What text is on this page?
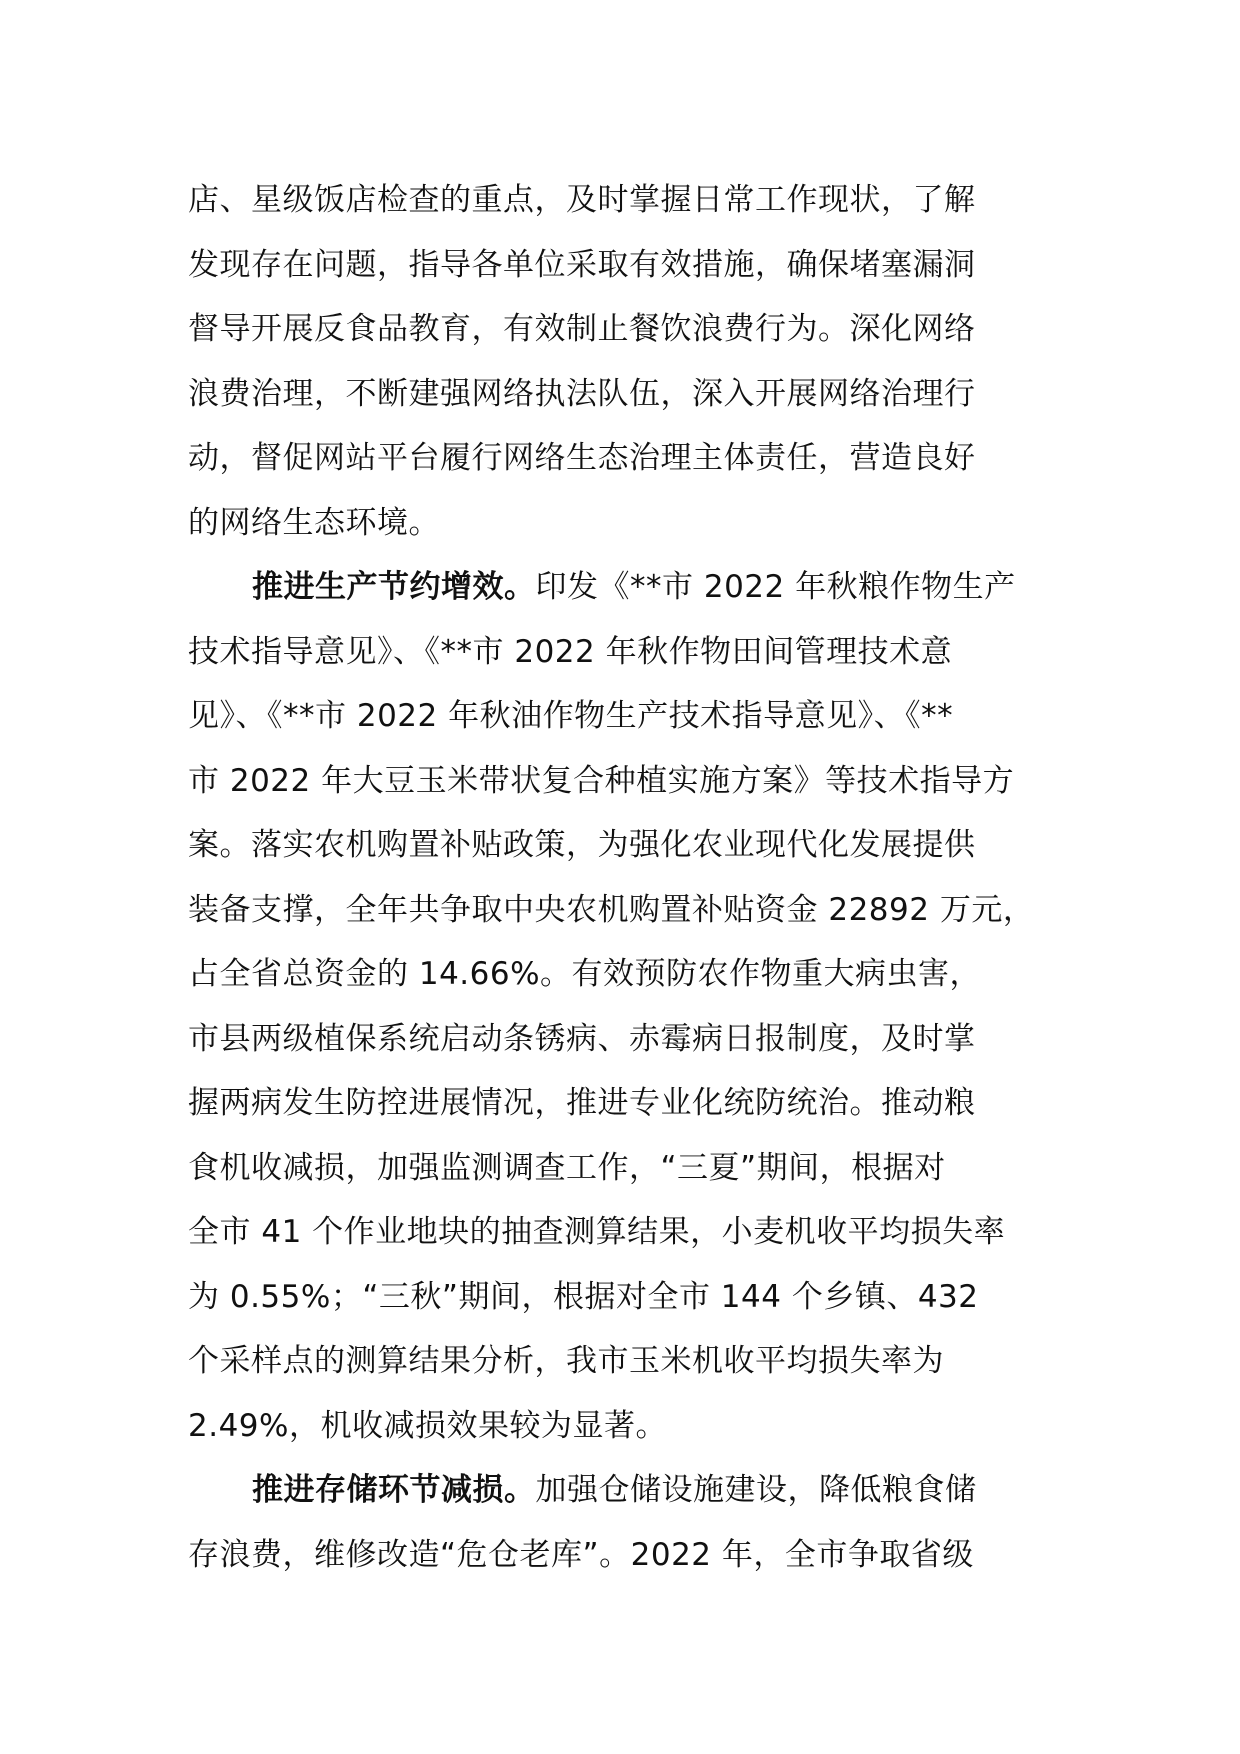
店、星级饭店检查的重点，及时掌握日常工作现状，了解
发现存在问题，指导各单位采取有效措施，确保堵塞漏洞
督导开展反食品教育，有效制止餐饮浪费行为。深化网络
浪费治理，不断建强网络执法队伍，深入开展网络治理行
动，督促网站平台履行网络生态治理主体责任，营造良好
的网络生态环境。
推进生产节约增效。印发《**市 2022 年秋粮作物生产
技术指导意见》、《**市 2022 年秋作物田间管理技术意
见》、《**市 2022 年秋油作物生产技术指导意见》、《**
市 2022 年大豆玉米带状复合种植实施方案》等技术指导方
案。落实农机购置补贴政策，为强化农业现代化发展提供
装备支撑，全年共争取中央农机购置补贴资金 22892 万元，
占全省总资金的 14.66%。有效预防农作物重大病虫害，
市县两级植保系统启动条锈病、赤霉病日报制度，及时掌
握两病发生防控进展情况，推进专业化统防统治。推动粮
食机收减损，加强监测调查工作，“三夏”期间，根据对
全市 41 个作业地块的抽查测算结果，小麦机收平均损失率
为 0.55%；“三秋”期间，根据对全市 144 个乡镇、432
个采样点的测算结果分析，我市玉米机收平均损失率为
2.49%，机收减损效果较为显著。
推进存储环节减损。加强仓储设施建设，降低粮食储
存浪费，维修改造“危仓老库”。2022 年，全市争取省级
